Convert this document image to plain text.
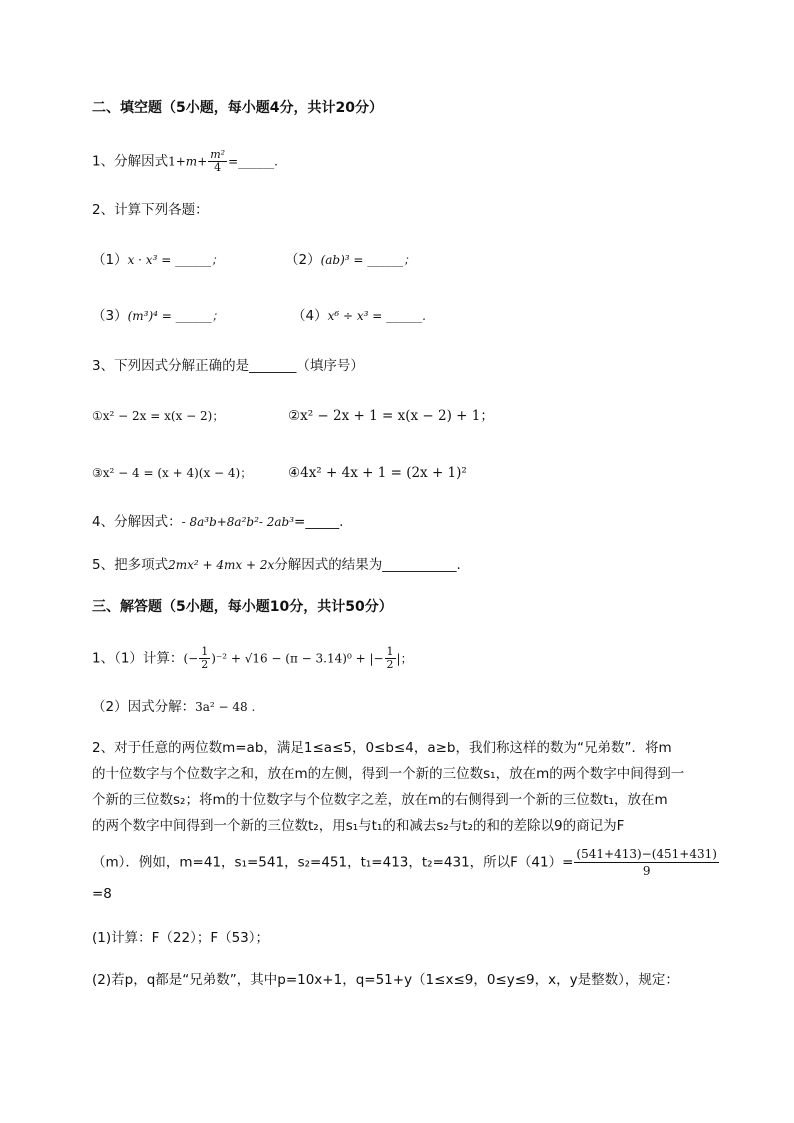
二、填空题（5小题，每小题4分，共计20分）
1、分解因式$1+m+ \frac{\text{m²}}{4}$ =______.
2、计算下列各题：
（1）x · x³ = ______；	（2）(ab)³ = ______；
（3）(m³)⁴ = ______；	（4）x⁶ ÷ x³ = ______.
3、下列因式分解正确的是_______（填序号）
①x² − 2x = x(x − 2)；	②x² − 2x + 1 = x(x − 2) + 1；
③x² − 4 = (x + 4)(x − 4)；	④4x² + 4x + 1 = (2x + 1)²
4、分解因式：- 8a³b+8a²b²- 2ab³=_____.
5、把多项式2mx² + 4mx + 2x分解因式的结果为___________.
三、解答题（5小题，每小题10分，共计50分）
1、（1）计算：(− $\frac{1}{2} )^{-2} + √16 - (\pi - 3.14)^0$ + |− $\frac{1}{2}$ |；
（2）因式分解：3a² − 48 .
2、对于任意的两位数m=ab，满足1≤a≤5，0≤b≤4，a≥b，我们称这样的数为“兄弟数”．将m
的十位数字与个位数字之和，放在m的左侧，得到一个新的三位数s₁，放在m的两个数字中间得到一
个新的三位数s₂；将m的十位数字与个位数字之差，放在m的右侧得到一个新的三位数t₁，放在m
的两个数字中间得到一个新的三位数t₂，用s₁与t₁的和减去s₂与t₂的和的差除以9的商记为F
（m）．例如，m=41，s₁=541，s₂=451，t₁=413，t₂=431，所以$F(41)= \frac{(541+413)-(451+431)}{9}$
=8
(1)计算：F（22）；F（53）；
(2)若p，q都是“兄弟数”，其中p=10x+1，q=51+y（1≤x≤9，0≤y≤9，x，y是整数），规定：
